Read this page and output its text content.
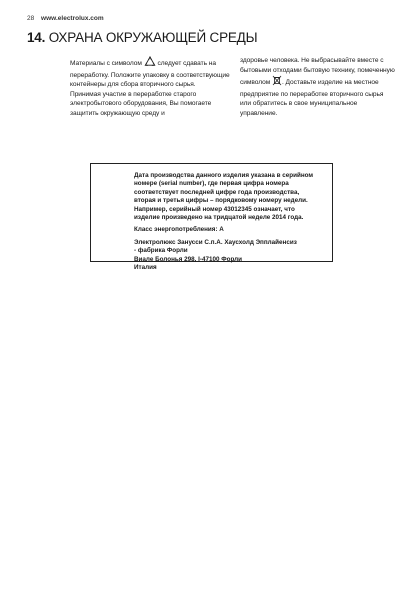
28 www.electrolux.com
14. ОХРАНА ОКРУЖАЮЩЕЙ СРЕДЫ

Материалы с символом следует сдавать на переработку. Положите упаковку в соответствующие контейнеры для сбора вторичного сырья.

Принимая участие в переработке старого электробытового оборудования, Вы помогаете защитить окружающую среду и

здоровье человека. Не выбрасывайте вместе с бытовыми отходами бытовую технику, помеченную символом . Доставьте изделие на местное предприятие по переработке вторичного сырья или обратитесь в свое муниципальное управление.

Дата производства данного изделия указана в серийном номере (serial number), где первая цифра номера соответствует последней цифре года производства, вторая и третья цифры – порядковому номеру недели. Например, серийный номер 43012345 означает, что изделие произведено на тридцатой неделе 2014 года.

Класс энергопотребления: А

Электролюкс Занусси С.п.А. Хаусхолд Эпплайенсиз

- фабрика Форли

Виале Болонья 298, I-47100 Форли

Италия
